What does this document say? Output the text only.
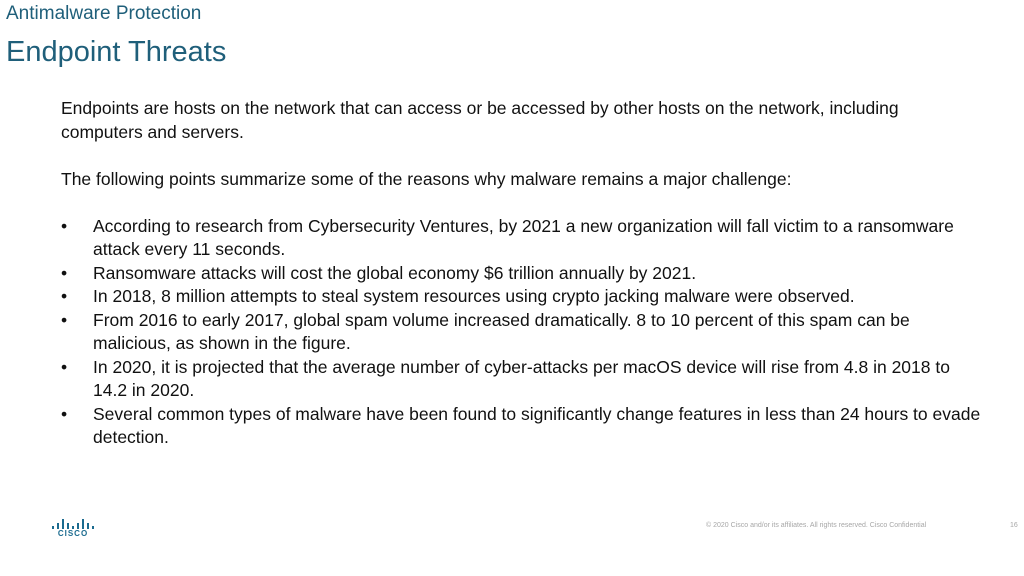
Antimalware Protection
Endpoint Threats

Endpoints are hosts on the network that can access or be accessed by other hosts on the network, including computers and servers.

The following points summarize some of the reasons why malware remains a major challenge:

• According to research from Cybersecurity Ventures, by 2021 a new organization will fall victim to a ransomware attack every 11 seconds.
• Ransomware attacks will cost the global economy $6 trillion annually by 2021.
• In 2018, 8 million attempts to steal system resources using crypto jacking malware were observed.
• From 2016 to early 2017, global spam volume increased dramatically. 8 to 10 percent of this spam can be malicious, as shown in the figure.
• In 2020, it is projected that the average number of cyber-attacks per macOS device will rise from 4.8 in 2018 to 14.2 in 2020.
• Several common types of malware have been found to significantly change features in less than 24 hours to evade detection.
CISCO
© 2020 Cisco and/or its affiliates. All rights reserved. Cisco Confidential	16
